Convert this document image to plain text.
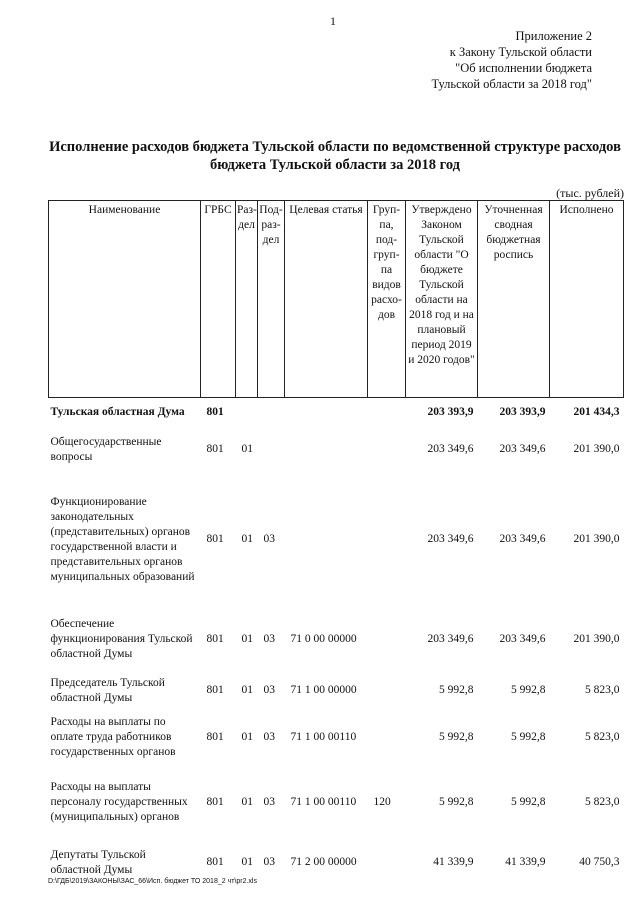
1
Приложение 2
к Закону Тульской области
"Об исполнении бюджета
Тульской области за 2018 год"
Исполнение расходов бюджета Тульской области по ведомственной структуре расходов бюджета Тульской области за 2018 год
(тыс. рублей)
Наименование	ГРБС	Раз-дел	Под-раз-дел	Целевая статья	Груп-па, под-груп-па видов расхо-дов	Утверждено Законом Тульской области "О бюджете Тульской области на 2018 год и на плановый период 2019 и 2020 годов"	Уточненная сводная бюджетная роспись	Исполнено
Тульская областная Дума	801					203 393,9	203 393,9	201 434,3
Общегосударственные вопросы	801	01				203 349,6	203 349,6	201 390,0
Функционирование законодательных (представительных) органов государственной власти и представительных органов муниципальных образований	801	01	03			203 349,6	203 349,6	201 390,0
Обеспечение функционирования Тульской областной Думы	801	01	03	71 0 00 00000		203 349,6	203 349,6	201 390,0
Председатель Тульской областной Думы	801	01	03	71 1 00 00000		5 992,8	5 992,8	5 823,0
Расходы на выплаты по оплате труда работников государственных органов	801	01	03	71 1 00 00110		5 992,8	5 992,8	5 823,0
Расходы на выплаты персоналу государственных (муниципальных) органов	801	01	03	71 1 00 00110	120	5 992,8	5 992,8	5 823,0
Депутаты Тульской областной Думы	801	01	03	71 2 00 00000		41 339,9	41 339,9	40 750,3
D:\ГДБ\2019\ЗАКОНЫ\ЗАС_66\Исп. бюджет ТО 2018_2 чт\pr2.xls
